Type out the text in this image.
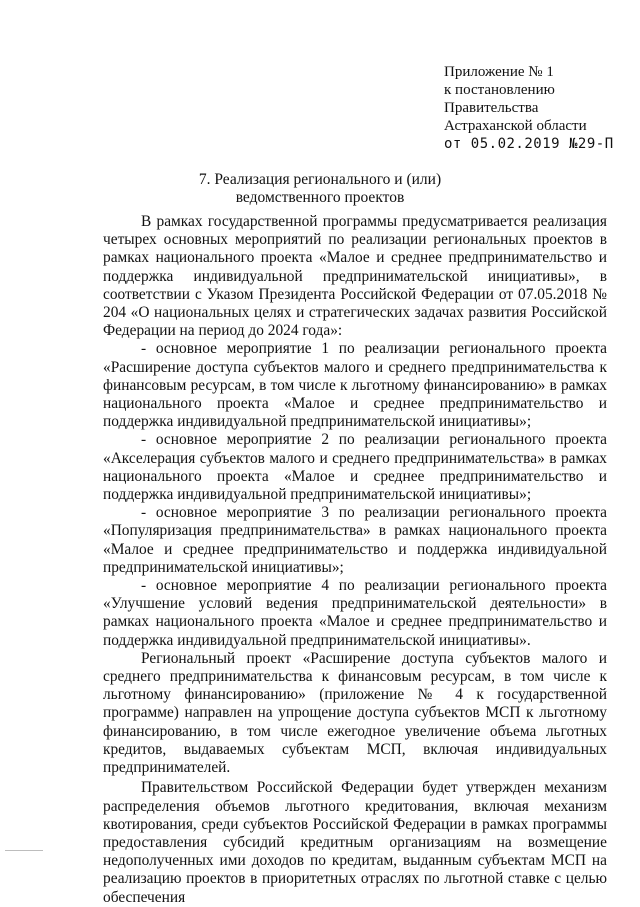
Приложение № 1
к постановлению
Правительства
Астраханской области
от 05.02.2019 №29-П
7. Реализация регионального и (или)
ведомственного проектов

В рамках государственной программы предусматривается реализация четырех основных мероприятий по реализации региональных проектов в рамках национального проекта «Малое и среднее предпринимательство и поддержка индивидуальной предпринимательской инициативы», в соответствии с Указом Президента Российской Федерации от 07.05.2018 № 204 «О национальных целях и стратегических задачах развития Российской Федерации на период до 2024 года»:

- основное мероприятие 1 по реализации регионального проекта «Расширение доступа субъектов малого и среднего предпринимательства к финансовым ресурсам, в том числе к льготному финансированию» в рамках национального проекта «Малое и среднее предпринимательство и поддержка индивидуальной предпринимательской инициативы»;

- основное мероприятие 2 по реализации регионального проекта «Акселерация субъектов малого и среднего предпринимательства» в рамках национального проекта «Малое и среднее предпринимательство и поддержка индивидуальной предпринимательской инициативы»;

- основное мероприятие 3 по реализации регионального проекта «Популяризация предпринимательства» в рамках национального проекта «Малое и среднее предпринимательство и поддержка индивидуальной предпринимательской инициативы»;

- основное мероприятие 4 по реализации регионального проекта «Улучшение условий ведения предпринимательской деятельности» в рамках национального проекта «Малое и среднее предпринимательство и поддержка индивидуальной предпринимательской инициативы».

Региональный проект «Расширение доступа субъектов малого и среднего предпринимательства к финансовым ресурсам, в том числе к льготному финансированию» (приложение № 4 к государственной программе) направлен на упрощение доступа субъектов МСП к льготному финансированию, в том числе ежегодное увеличение объема льготных кредитов, выдаваемых субъектам МСП, включая индивидуальных предпринимателей.

Правительством Российской Федерации будет утвержден механизм распределения объемов льготного кредитования, включая механизм квотирования, среди субъектов Российской Федерации в рамках программы предоставления субсидий кредитным организациям на возмещение недополученных ими доходов по кредитам, выданным субъектам МСП на реализацию проектов в приоритетных отраслях по льготной ставке с целью обеспечения
